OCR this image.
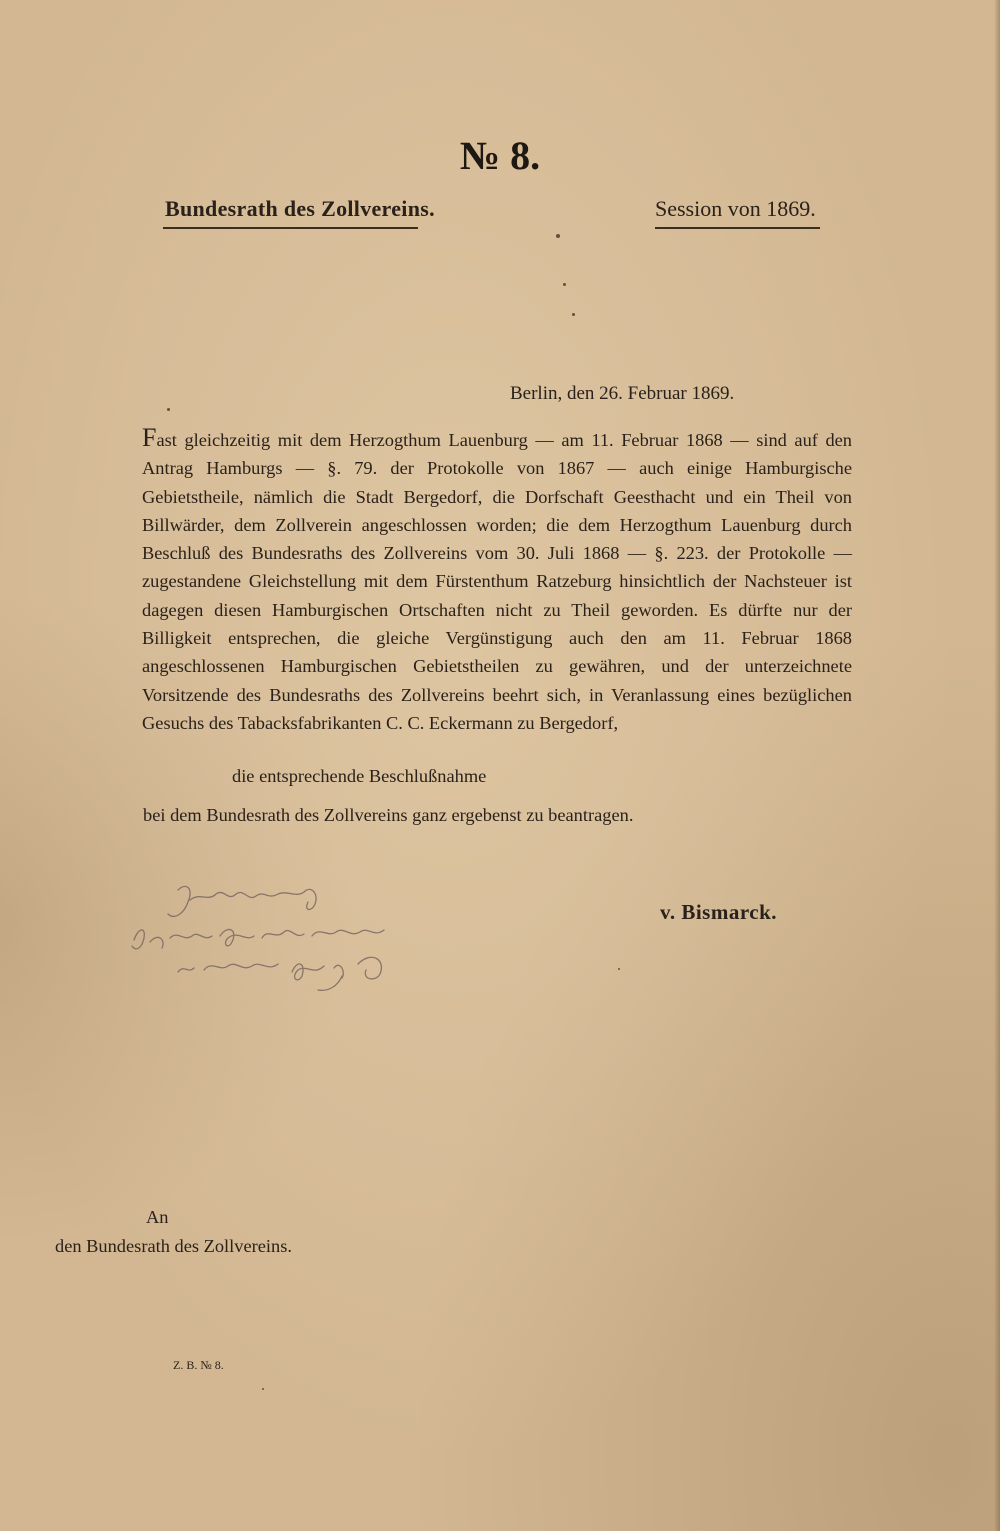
№ 8.
Bundesrath des Zollvereins.	Session von 1869.
Berlin, den 26. Februar 1869.
Fast gleichzeitig mit dem Herzogthum Lauenburg — am 11. Februar 1868 — sind auf den Antrag Hamburgs — §. 79. der Protokolle von 1867 — auch einige Hamburgische Gebietstheile, nämlich die Stadt Bergedorf, die Dorfschaft Geesthacht und ein Theil von Billwärder, dem Zollverein angeschlossen worden; die dem Herzogthum Lauenburg durch Beschluß des Bundesraths des Zollvereins vom 30. Juli 1868 — §. 223. der Protokolle — zugestandene Gleichstellung mit dem Fürstenthum Ratzeburg hinsichtlich der Nachsteuer ist dagegen diesen Hamburgischen Ortschaften nicht zu Theil geworden. Es dürfte nur der Billigkeit entsprechen, die gleiche Vergünstigung auch den am 11. Februar 1868 angeschlossenen Hamburgischen Gebietstheilen zu gewähren, und der unterzeichnete Vorsitzende des Bundesraths des Zollvereins beehrt sich, in Veranlassung eines bezüglichen Gesuchs des Tabacksfabrikanten C. C. Eckermann zu Bergedorf,
die entsprechende Beschlußnahme
bei dem Bundesrath des Zollvereins ganz ergebenst zu beantragen.
v. Bismarck.
An
den Bundesrath des Zollvereins.
Z. B. № 8.
